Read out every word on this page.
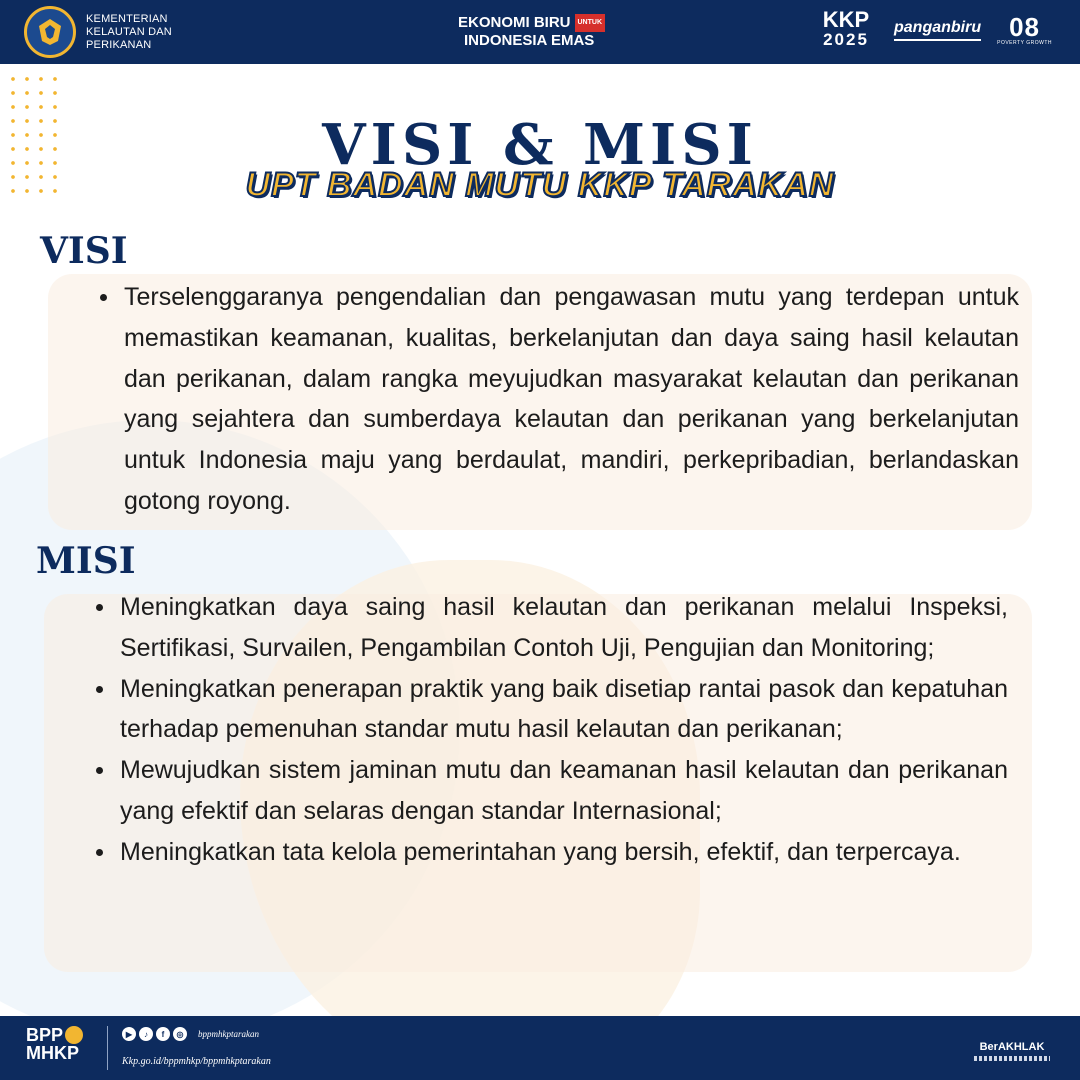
KEMENTERIAN KELAUTAN DAN PERIKANAN
EKONOMI BIRU	UNTUK
INDONESIA EMAS
KKP
2025
panganbiru	08
POVERTY GROWTH
VISI & MISI
UPT BADAN MUTU KKP TARAKAN
VISI
Terselenggaranya pengendalian dan pengawasan mutu yang terdepan untuk memastikan keamanan, kualitas, berkelanjutan dan daya saing hasil kelautan dan perikanan, dalam rangka meyujudkan masyarakat kelautan dan perikanan yang sejahtera dan sumberdaya kelautan dan perikanan yang berkelanjutan untuk Indonesia maju yang berdaulat, mandiri, perkepribadian, berlandaskan gotong royong.
MISI
Meningkatkan daya saing hasil kelautan dan perikanan melalui Inspeksi, Sertifikasi, Survailen, Pengambilan Contoh Uji, Pengujian dan Monitoring;
Meningkatkan penerapan praktik yang baik disetiap rantai pasok dan kepatuhan terhadap pemenuhan standar mutu hasil kelautan dan perikanan;
Mewujudkan sistem jaminan mutu dan keamanan hasil kelautan dan perikanan yang efektif dan selaras dengan standar Internasional;
Meningkatkan tata kelola pemerintahan yang bersih, efektif, dan terpercaya.
BPP
MHKP
▶	♪	f	◎	bppmhkptarakan
Kkp.go.id/bppmhkp/bppmhkptarakan
BerAKHLAK
